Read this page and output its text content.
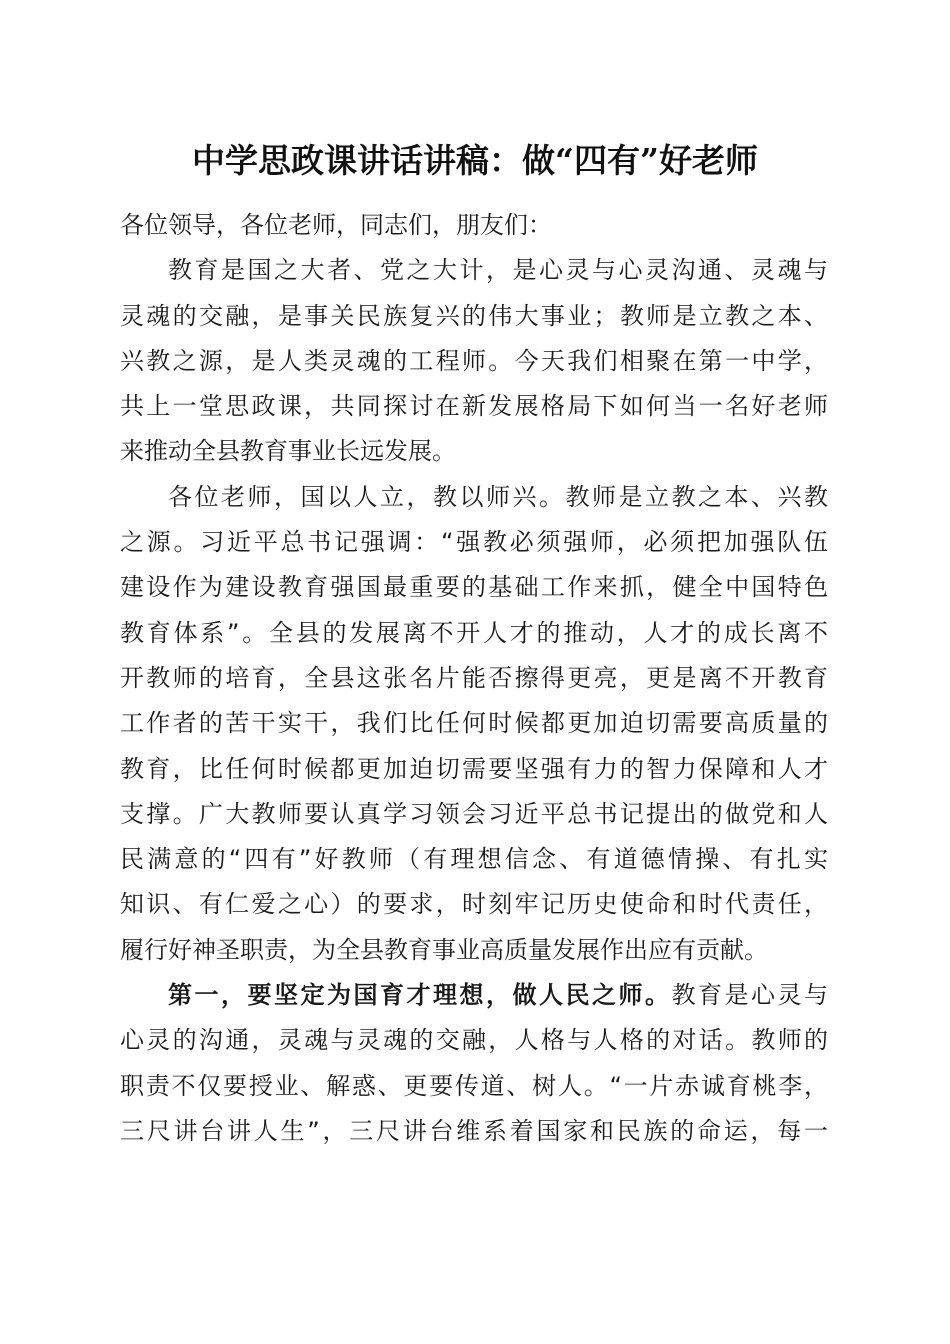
中学思政课讲话讲稿：做“四有”好老师
各位领导，各位老师，同志们，朋友们：
教育是国之大者、党之大计，是心灵与心灵沟通、灵魂与
灵魂的交融，是事关民族复兴的伟大事业；教师是立教之本、
兴教之源，是人类灵魂的工程师。今天我们相聚在第一中学，
共上一堂思政课，共同探讨在新发展格局下如何当一名好老师
来推动全县教育事业长远发展。
各位老师，国以人立，教以师兴。教师是立教之本、兴教
之源。习近平总书记强调：“强教必须强师，必须把加强队伍
建设作为建设教育强国最重要的基础工作来抓，健全中国特色
教育体系”。全县的发展离不开人才的推动，人才的成长离不
开教师的培育，全县这张名片能否擦得更亮，更是离不开教育
工作者的苦干实干，我们比任何时候都更加迫切需要高质量的
教育，比任何时候都更加迫切需要坚强有力的智力保障和人才
支撑。广大教师要认真学习领会习近平总书记提出的做党和人
民满意的“四有”好教师（有理想信念、有道德情操、有扎实
知识、有仁爱之心）的要求，时刻牢记历史使命和时代责任，
履行好神圣职责，为全县教育事业高质量发展作出应有贡献。
第一，要坚定为国育才理想，做人民之师。教育是心灵与
心灵的沟通，灵魂与灵魂的交融，人格与人格的对话。教师的
职责不仅要授业、解惑、更要传道、树人。“一片赤诚育桃李，
三尺讲台讲人生”，三尺讲台维系着国家和民族的命运，每一
